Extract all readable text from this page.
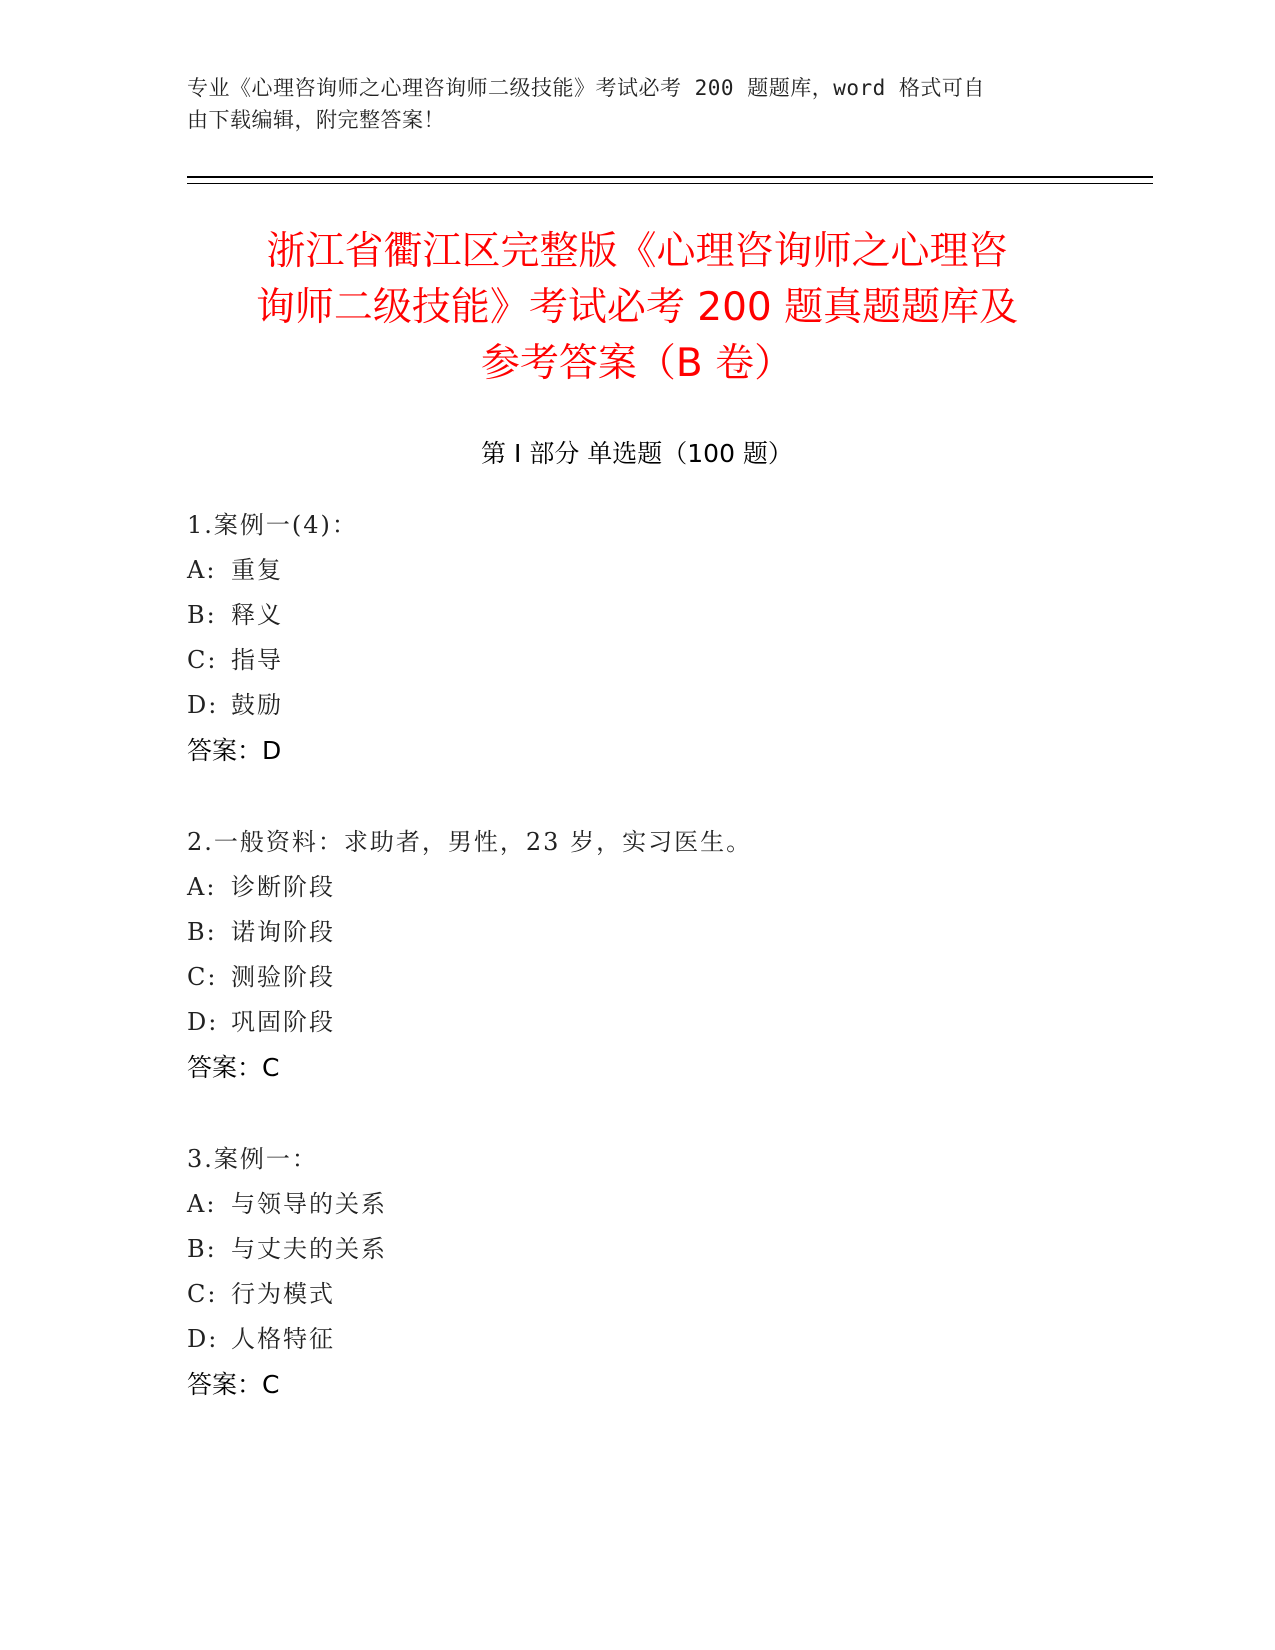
专业《心理咨询师之心理咨询师二级技能》考试必考 200 题题库，word 格式可自
由下载编辑，附完整答案！
浙江省衢江区完整版《心理咨询师之心理咨
询师二级技能》考试必考 200 题真题题库及
参考答案（B 卷）
第 I 部分 单选题（100 题）
1.案例一(4)：
A: 重复
B: 释义
C: 指导
D: 鼓励
答案：D
2.一般资料：求助者，男性，23 岁，实习医生。
A: 诊断阶段
B: 诺询阶段
C: 测验阶段
D: 巩固阶段
答案：C
3.案例一：
A: 与领导的关系
B: 与丈夫的关系
C: 行为模式
D: 人格特征
答案：C
